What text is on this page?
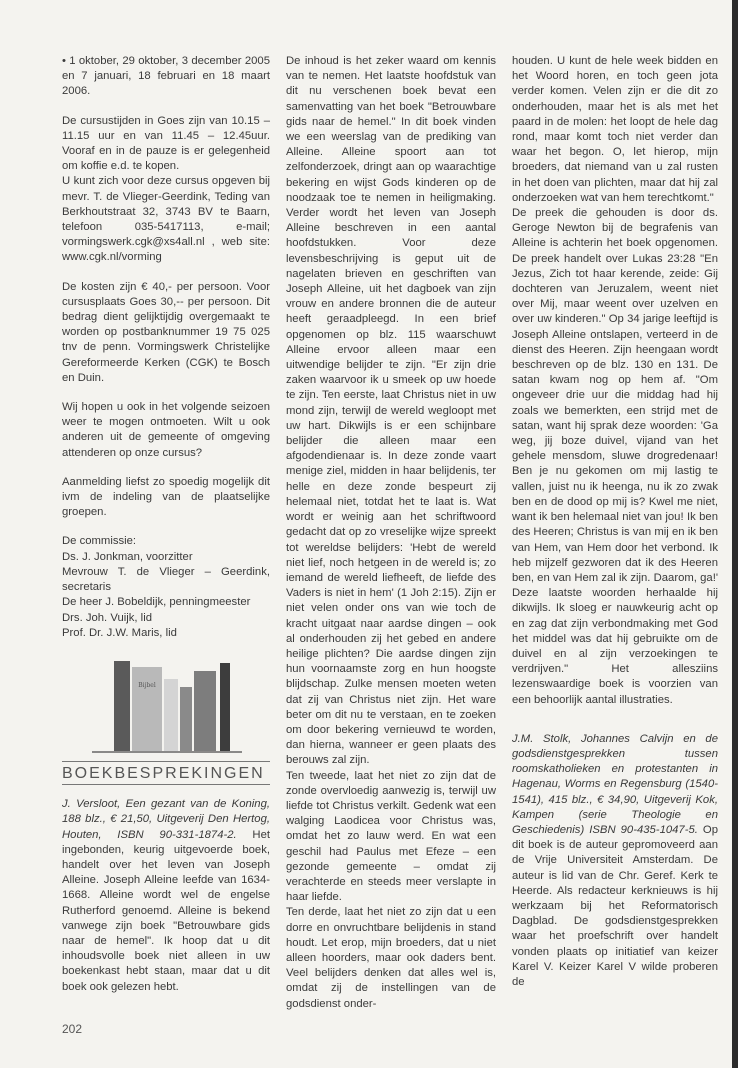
• 1 oktober, 29 oktober, 3 december 2005 en 7 januari, 18 februari en 18 maart 2006.

De cursustijden in Goes zijn van 10.15 – 11.15 uur en van 11.45 – 12.45uur. Vooraf en in de pauze is er gelegenheid om koffie e.d. te kopen.

U kunt zich voor deze cursus opgeven bij mevr. T. de Vlieger-Geerdink, Teding van Berkhoutstraat 32, 3743 BV te Baarn, telefoon 035-5417113, e-mail; vormingswerk.cgk@xs4all.nl , web site: www.cgk.nl/vorming

De kosten zijn € 40,- per persoon. Voor cursusplaats Goes 30,-- per persoon. Dit bedrag dient gelijktijdig overgemaakt te worden op postbanknummer 19 75 025 tnv de penn. Vormingswerk Christelijke Gereformeerde Kerken (CGK) te Bosch en Duin.

Wij hopen u ook in het volgende seizoen weer te mogen ontmoeten. Wilt u ook anderen uit de gemeente of omgeving attenderen op onze cursus?

Aanmelding liefst zo spoedig mogelijk dit ivm de indeling van de plaatselijke groepen.

De commissie:
Ds. J. Jonkman, voorzitter
Mevrouw T. de Vlieger – Geerdink, secretaris
De heer J. Bobeldijk, penningmeester
Drs. Joh. Vuijk, lid
Prof. Dr. J.W. Maris, lid
Bijbel
BOEKBESPREKINGEN

J. Versloot, Een gezant van de Koning, 188 blz., € 21,50, Uitgeverij Den Hertog, Houten, ISBN 90-331-1874-2. Het ingebonden, keurig uitgevoerde boek, handelt over het leven van Joseph Alleine. Joseph Alleine leefde van 1634- 1668. Alleine wordt wel de engelse Rutherford genoemd. Alleine is bekend vanwege zijn boek "Betrouwbare gids naar de hemel". Ik hoop dat u dit inhoudsvolle boek niet alleen in uw boekenkast hebt staan, maar dat u dit boek ook gelezen hebt.

De inhoud is het zeker waard om kennis van te nemen. Het laatste hoofdstuk van dit nu verschenen boek bevat een samenvatting van het boek "Betrouwbare gids naar de hemel." In dit boek vinden we een weerslag van de prediking van Alleine. Alleine spoort aan tot zelfonderzoek, dringt aan op waarachtige bekering en wijst Gods kinderen op de noodzaak toe te nemen in heiligmaking. Verder wordt het leven van Joseph Alleine beschreven in een aantal hoofdstukken. Voor deze levensbeschrijving is geput uit de nagelaten brieven en geschriften van Joseph Alleine, uit het dagboek van zijn vrouw en andere bronnen die de auteur heeft geraadpleegd. In een brief opgenomen op blz. 115 waarschuwt Alleine ervoor alleen maar een uitwendige belijder te zijn. "Er zijn drie zaken waarvoor ik u smeek op uw hoede te zijn. Ten eerste, laat Christus niet in uw mond zijn, terwijl de wereld wegloopt met uw hart. Dikwijls is er een schijnbare belijder die alleen maar een afgodendienaar is. In deze zonde vaart menige ziel, midden in haar belijdenis, ter helle en deze zonde bespeurt zij helemaal niet, totdat het te laat is. Wat wordt er weinig aan het schriftwoord gedacht dat op zo vreselijke wijze spreekt tot wereldse belijders: 'Hebt de wereld niet lief, noch hetgeen in de wereld is; zo iemand de wereld liefheeft, de liefde des Vaders is niet in hem' (1 Joh 2:15). Zijn er niet velen onder ons van wie toch de kracht uitgaat naar aardse dingen – ook al onderhouden zij het gebed en andere heilige plichten? Die aardse dingen zijn hun voornaamste zorg en hun hoogste blijdschap. Zulke mensen moeten weten dat zij van Christus niet zijn. Het ware beter om dit nu te verstaan, en te zoeken om door bekering vernieuwd te worden, dan hierna, wanneer er geen plaats des berouws zal zijn.

Ten tweede, laat het niet zo zijn dat de zonde overvloedig aanwezig is, terwijl uw liefde tot Christus verkilt. Gedenk wat een walging Laodicea voor Christus was, omdat het zo lauw werd. En wat een geschil had Paulus met Efeze – een gezonde gemeente – omdat zij verachterde en steeds meer verslapte in haar liefde.

Ten derde, laat het niet zo zijn dat u een dorre en onvruchtbare belijdenis in stand houdt. Let erop, mijn broeders, dat u niet alleen hoorders, maar ook daders bent. Veel belijders denken dat alles wel is, omdat zij de instellingen van de godsdienst onder-

houden. U kunt de hele week bidden en het Woord horen, en toch geen jota verder komen. Velen zijn er die dit zo onderhouden, maar het is als met het paard in de molen: het loopt de hele dag rond, maar komt toch niet verder dan waar het begon. O, let hierop, mijn broeders, dat niemand van u zal rusten in het doen van plichten, maar dat hij zal onderzoeken wat van hem terechtkomt."

De preek die gehouden is door ds. Geroge Newton bij de begrafenis van Alleine is achterin het boek opgenomen. De preek handelt over Lukas 23:28 "En Jezus, Zich tot haar kerende, zeide: Gij dochteren van Jeruzalem, weent niet over Mij, maar weent over uzelven en over uw kinderen." Op 34 jarige leeftijd is Joseph Alleine ontslapen, verteerd in de dienst des Heeren. Zijn heengaan wordt beschreven op de blz. 130 en 131. De satan kwam nog op hem af. "Om ongeveer drie uur die middag had hij zoals we bemerkten, een strijd met de satan, want hij sprak deze woorden: 'Ga weg, jij boze duivel, vijand van het gehele mensdom, sluwe drogredenaar! Ben je nu gekomen om mij lastig te vallen, juist nu ik heenga, nu ik zo zwak ben en de dood op mij is? Kwel me niet, want ik ben helemaal niet van jou! Ik ben des Heeren; Christus is van mij en ik ben van Hem, van Hem door het verbond. Ik heb mijzelf gezworen dat ik des Heeren ben, en van Hem zal ik zijn. Daarom, ga!' Deze laatste woorden herhaalde hij dikwijls. Ik sloeg er nauwkeurig acht op en zag dat zijn verbondmaking met God het middel was dat hij gebruikte om de duivel en al zijn verzoekingen te verdrijven." Het allesziins lezenswaardige boek is voorzien van een behoorlijk aantal illustraties.

J.M. Stolk, Johannes Calvijn en de godsdienstgesprekken tussen roomskatholieken en protestanten in Hagenau, Worms en Regensburg (1540-1541), 415 blz., € 34,90, Uitgeverij Kok, Kampen (serie Theologie en Geschiedenis) ISBN 90-435-1047-5. Op dit boek is de auteur gepromoveerd aan de Vrije Universiteit Amsterdam. De auteur is lid van de Chr. Geref. Kerk te Heerde. Als redacteur kerknieuws is hij werkzaam bij het Reformatorisch Dagblad. De godsdienstgesprekken waar het proefschrift over handelt vonden plaats op initiatief van keizer Karel V. Keizer Karel V wilde proberen de

202
